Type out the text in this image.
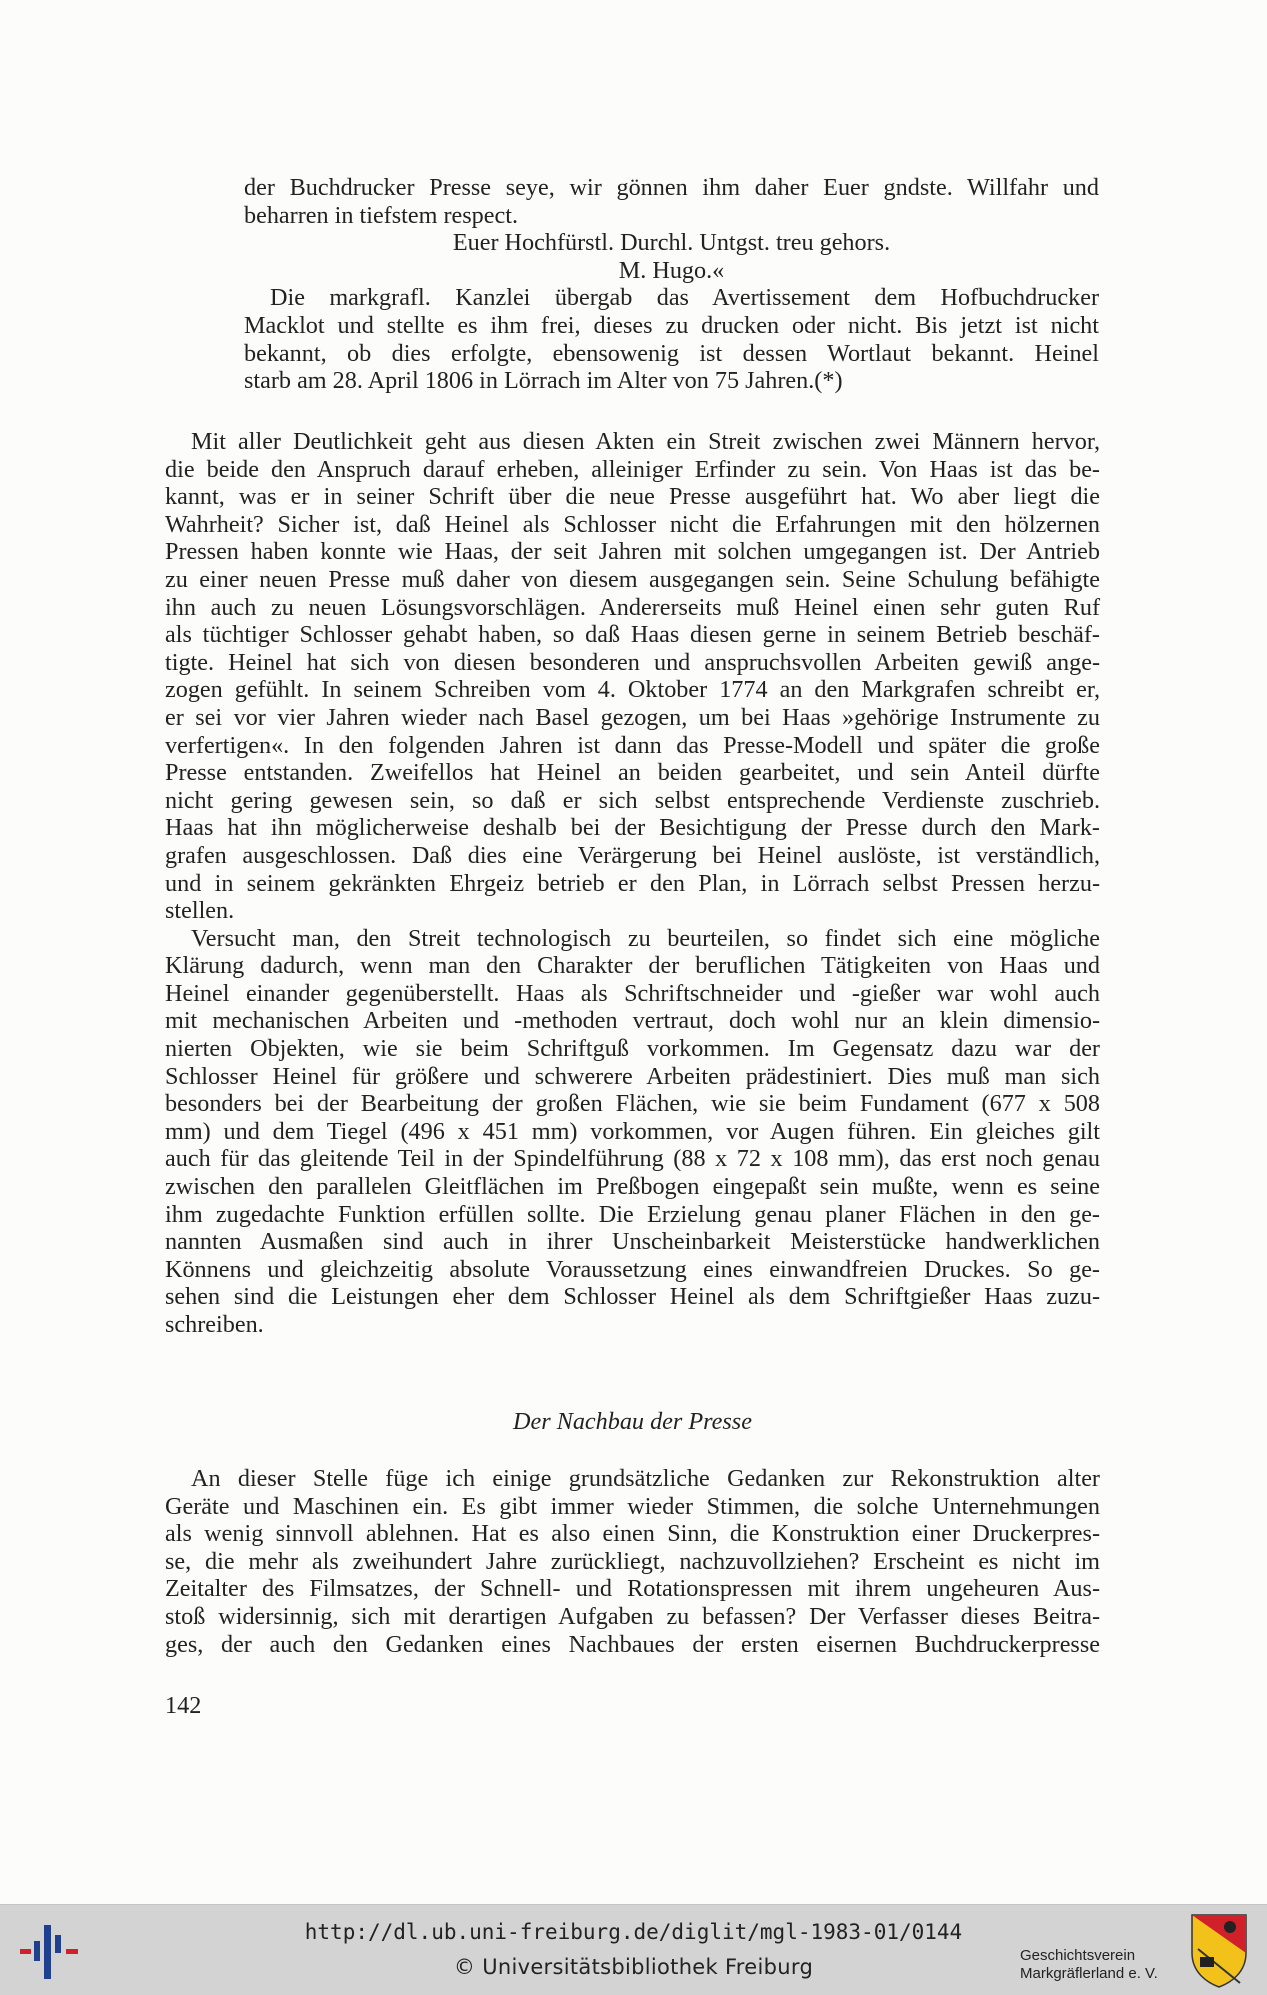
der Buchdrucker Presse seye, wir gönnen ihm daher Euer gndste. Willfahr und
beharren in tiefstem respect.
Euer Hochfürstl. Durchl. Untgst. treu gehors.
M. Hugo.«
Die markgrafl. Kanzlei übergab das Avertissement dem Hofbuchdrucker
Macklot und stellte es ihm frei, dieses zu drucken oder nicht. Bis jetzt ist nicht
bekannt, ob dies erfolgte, ebensowenig ist dessen Wortlaut bekannt. Heinel
starb am 28. April 1806 in Lörrach im Alter von 75 Jahren.(*)
Mit aller Deutlichkeit geht aus diesen Akten ein Streit zwischen zwei Männern hervor,
die beide den Anspruch darauf erheben, alleiniger Erfinder zu sein. Von Haas ist das be-
kannt, was er in seiner Schrift über die neue Presse ausgeführt hat. Wo aber liegt die
Wahrheit? Sicher ist, daß Heinel als Schlosser nicht die Erfahrungen mit den hölzernen
Pressen haben konnte wie Haas, der seit Jahren mit solchen umgegangen ist. Der Antrieb
zu einer neuen Presse muß daher von diesem ausgegangen sein. Seine Schulung befähigte
ihn auch zu neuen Lösungsvorschlägen. Andererseits muß Heinel einen sehr guten Ruf
als tüchtiger Schlosser gehabt haben, so daß Haas diesen gerne in seinem Betrieb beschäf-
tigte. Heinel hat sich von diesen besonderen und anspruchsvollen Arbeiten gewiß ange-
zogen gefühlt. In seinem Schreiben vom 4. Oktober 1774 an den Markgrafen schreibt er,
er sei vor vier Jahren wieder nach Basel gezogen, um bei Haas »gehörige Instrumente zu
verfertigen«. In den folgenden Jahren ist dann das Presse-Modell und später die große
Presse entstanden. Zweifellos hat Heinel an beiden gearbeitet, und sein Anteil dürfte
nicht gering gewesen sein, so daß er sich selbst entsprechende Verdienste zuschrieb.
Haas hat ihn möglicherweise deshalb bei der Besichtigung der Presse durch den Mark-
grafen ausgeschlossen. Daß dies eine Verärgerung bei Heinel auslöste, ist verständlich,
und in seinem gekränkten Ehrgeiz betrieb er den Plan, in Lörrach selbst Pressen herzu-
stellen.
Versucht man, den Streit technologisch zu beurteilen, so findet sich eine mögliche
Klärung dadurch, wenn man den Charakter der beruflichen Tätigkeiten von Haas und
Heinel einander gegenüberstellt. Haas als Schriftschneider und -gießer war wohl auch
mit mechanischen Arbeiten und -methoden vertraut, doch wohl nur an klein dimensio-
nierten Objekten, wie sie beim Schriftguß vorkommen. Im Gegensatz dazu war der
Schlosser Heinel für größere und schwerere Arbeiten prädestiniert. Dies muß man sich
besonders bei der Bearbeitung der großen Flächen, wie sie beim Fundament (677 x 508
mm) und dem Tiegel (496 x 451 mm) vorkommen, vor Augen führen. Ein gleiches gilt
auch für das gleitende Teil in der Spindelführung (88 x 72 x 108 mm), das erst noch genau
zwischen den parallelen Gleitflächen im Preßbogen eingepaßt sein mußte, wenn es seine
ihm zugedachte Funktion erfüllen sollte. Die Erzielung genau planer Flächen in den ge-
nannten Ausmaßen sind auch in ihrer Unscheinbarkeit Meisterstücke handwerklichen
Könnens und gleichzeitig absolute Voraussetzung eines einwandfreien Druckes. So ge-
sehen sind die Leistungen eher dem Schlosser Heinel als dem Schriftgießer Haas zuzu-
schreiben.
Der Nachbau der Presse
An dieser Stelle füge ich einige grundsätzliche Gedanken zur Rekonstruktion alter
Geräte und Maschinen ein. Es gibt immer wieder Stimmen, die solche Unternehmungen
als wenig sinnvoll ablehnen. Hat es also einen Sinn, die Konstruktion einer Druckerpres-
se, die mehr als zweihundert Jahre zurückliegt, nachzuvollziehen? Erscheint es nicht im
Zeitalter des Filmsatzes, der Schnell- und Rotationspressen mit ihrem ungeheuren Aus-
stoß widersinnig, sich mit derartigen Aufgaben zu befassen? Der Verfasser dieses Beitra-
ges, der auch den Gedanken eines Nachbaues der ersten eisernen Buchdruckerpresse
142
http://dl.ub.uni-freiburg.de/diglit/mgl-1983-01/0144
© Universitätsbibliothek Freiburg	Geschichtsverein
Markgräflerland e. V.
